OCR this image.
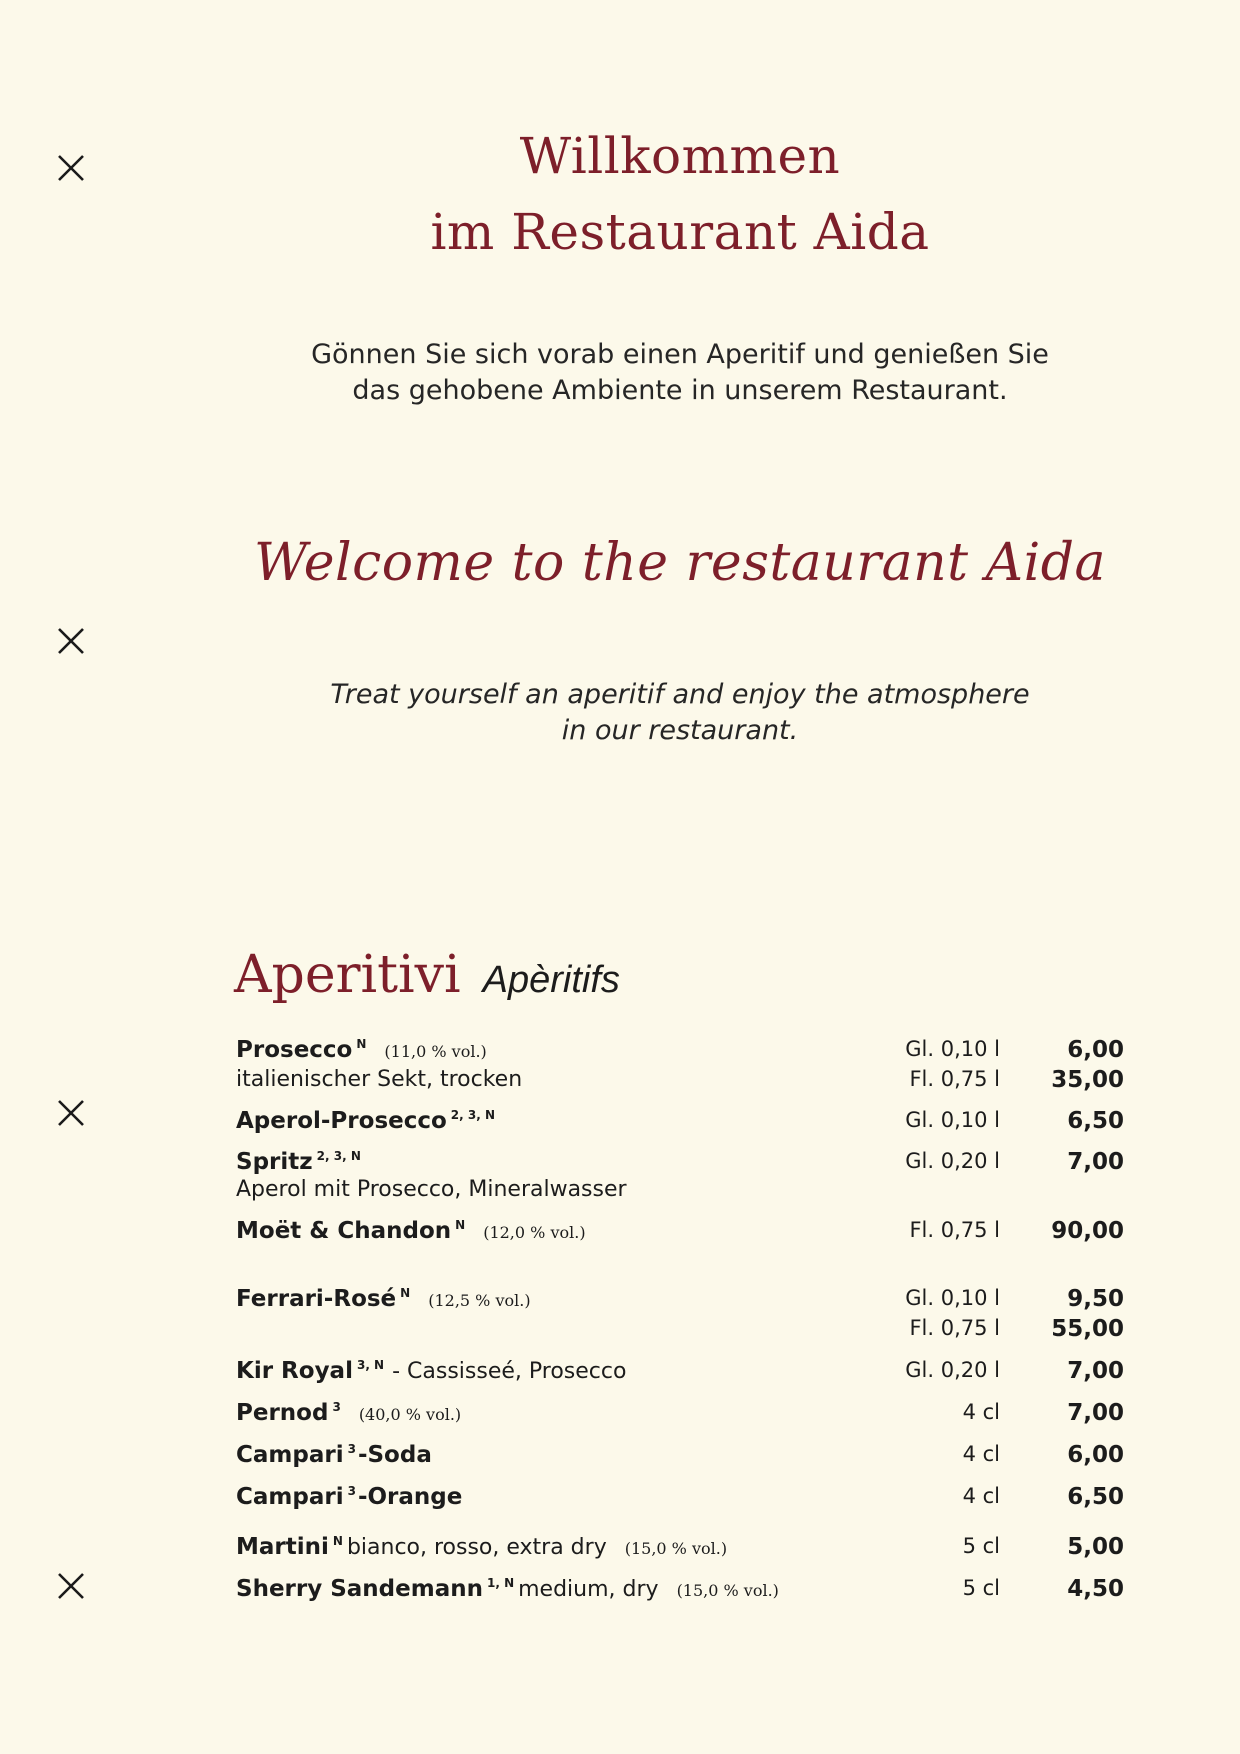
Willkommen
im Restaurant Aida
Gönnen Sie sich vorab einen Aperitif und genießen Sie
das gehobene Ambiente in unserem Restaurant.
Welcome to the restaurant Aida
Treat yourself an aperitif and enjoy the atmosphere
in our restaurant.
Aperitivi Apèritifs
Prosecco $^N$ (11,0 % vol.)	Gl. 0,10 l	6,00
italienischer Sekt, trocken	Fl. 0,75 l 35,00
Aperol-Prosecco $^{2, 3, N}$	Gl. 0,10 l	6,50
Spritz $^{2, 3, N}$	Gl. 0,20 l	7,00
Aperol mit Prosecco, Mineralwasser
Moët & Chandon $^N$ (12,0 % vol.)	Fl. 0,75 l 90,00
Ferrari-Rosé $^N$ (12,5 % vol.)	Gl. 0,10 l	9,50
Fl. 0,75 l 55,00
Kir Royal $^{3, N}$ - Cassisseé, Prosecco	Gl. 0,20 l	7,00
Pernod $^3$ (40,0 % vol.)	4 cl	7,00
Campari $^3$-Soda	4 cl	6,00
Campari $^3$-Orange	4 cl	6,50
Martini $^N$ bianco, rosso, extra dry (15,0 % vol.)	5 cl	5,00
Sherry Sandemann $^{1, N}$ medium, dry (15,0 % vol.)	5 cl	4,50
